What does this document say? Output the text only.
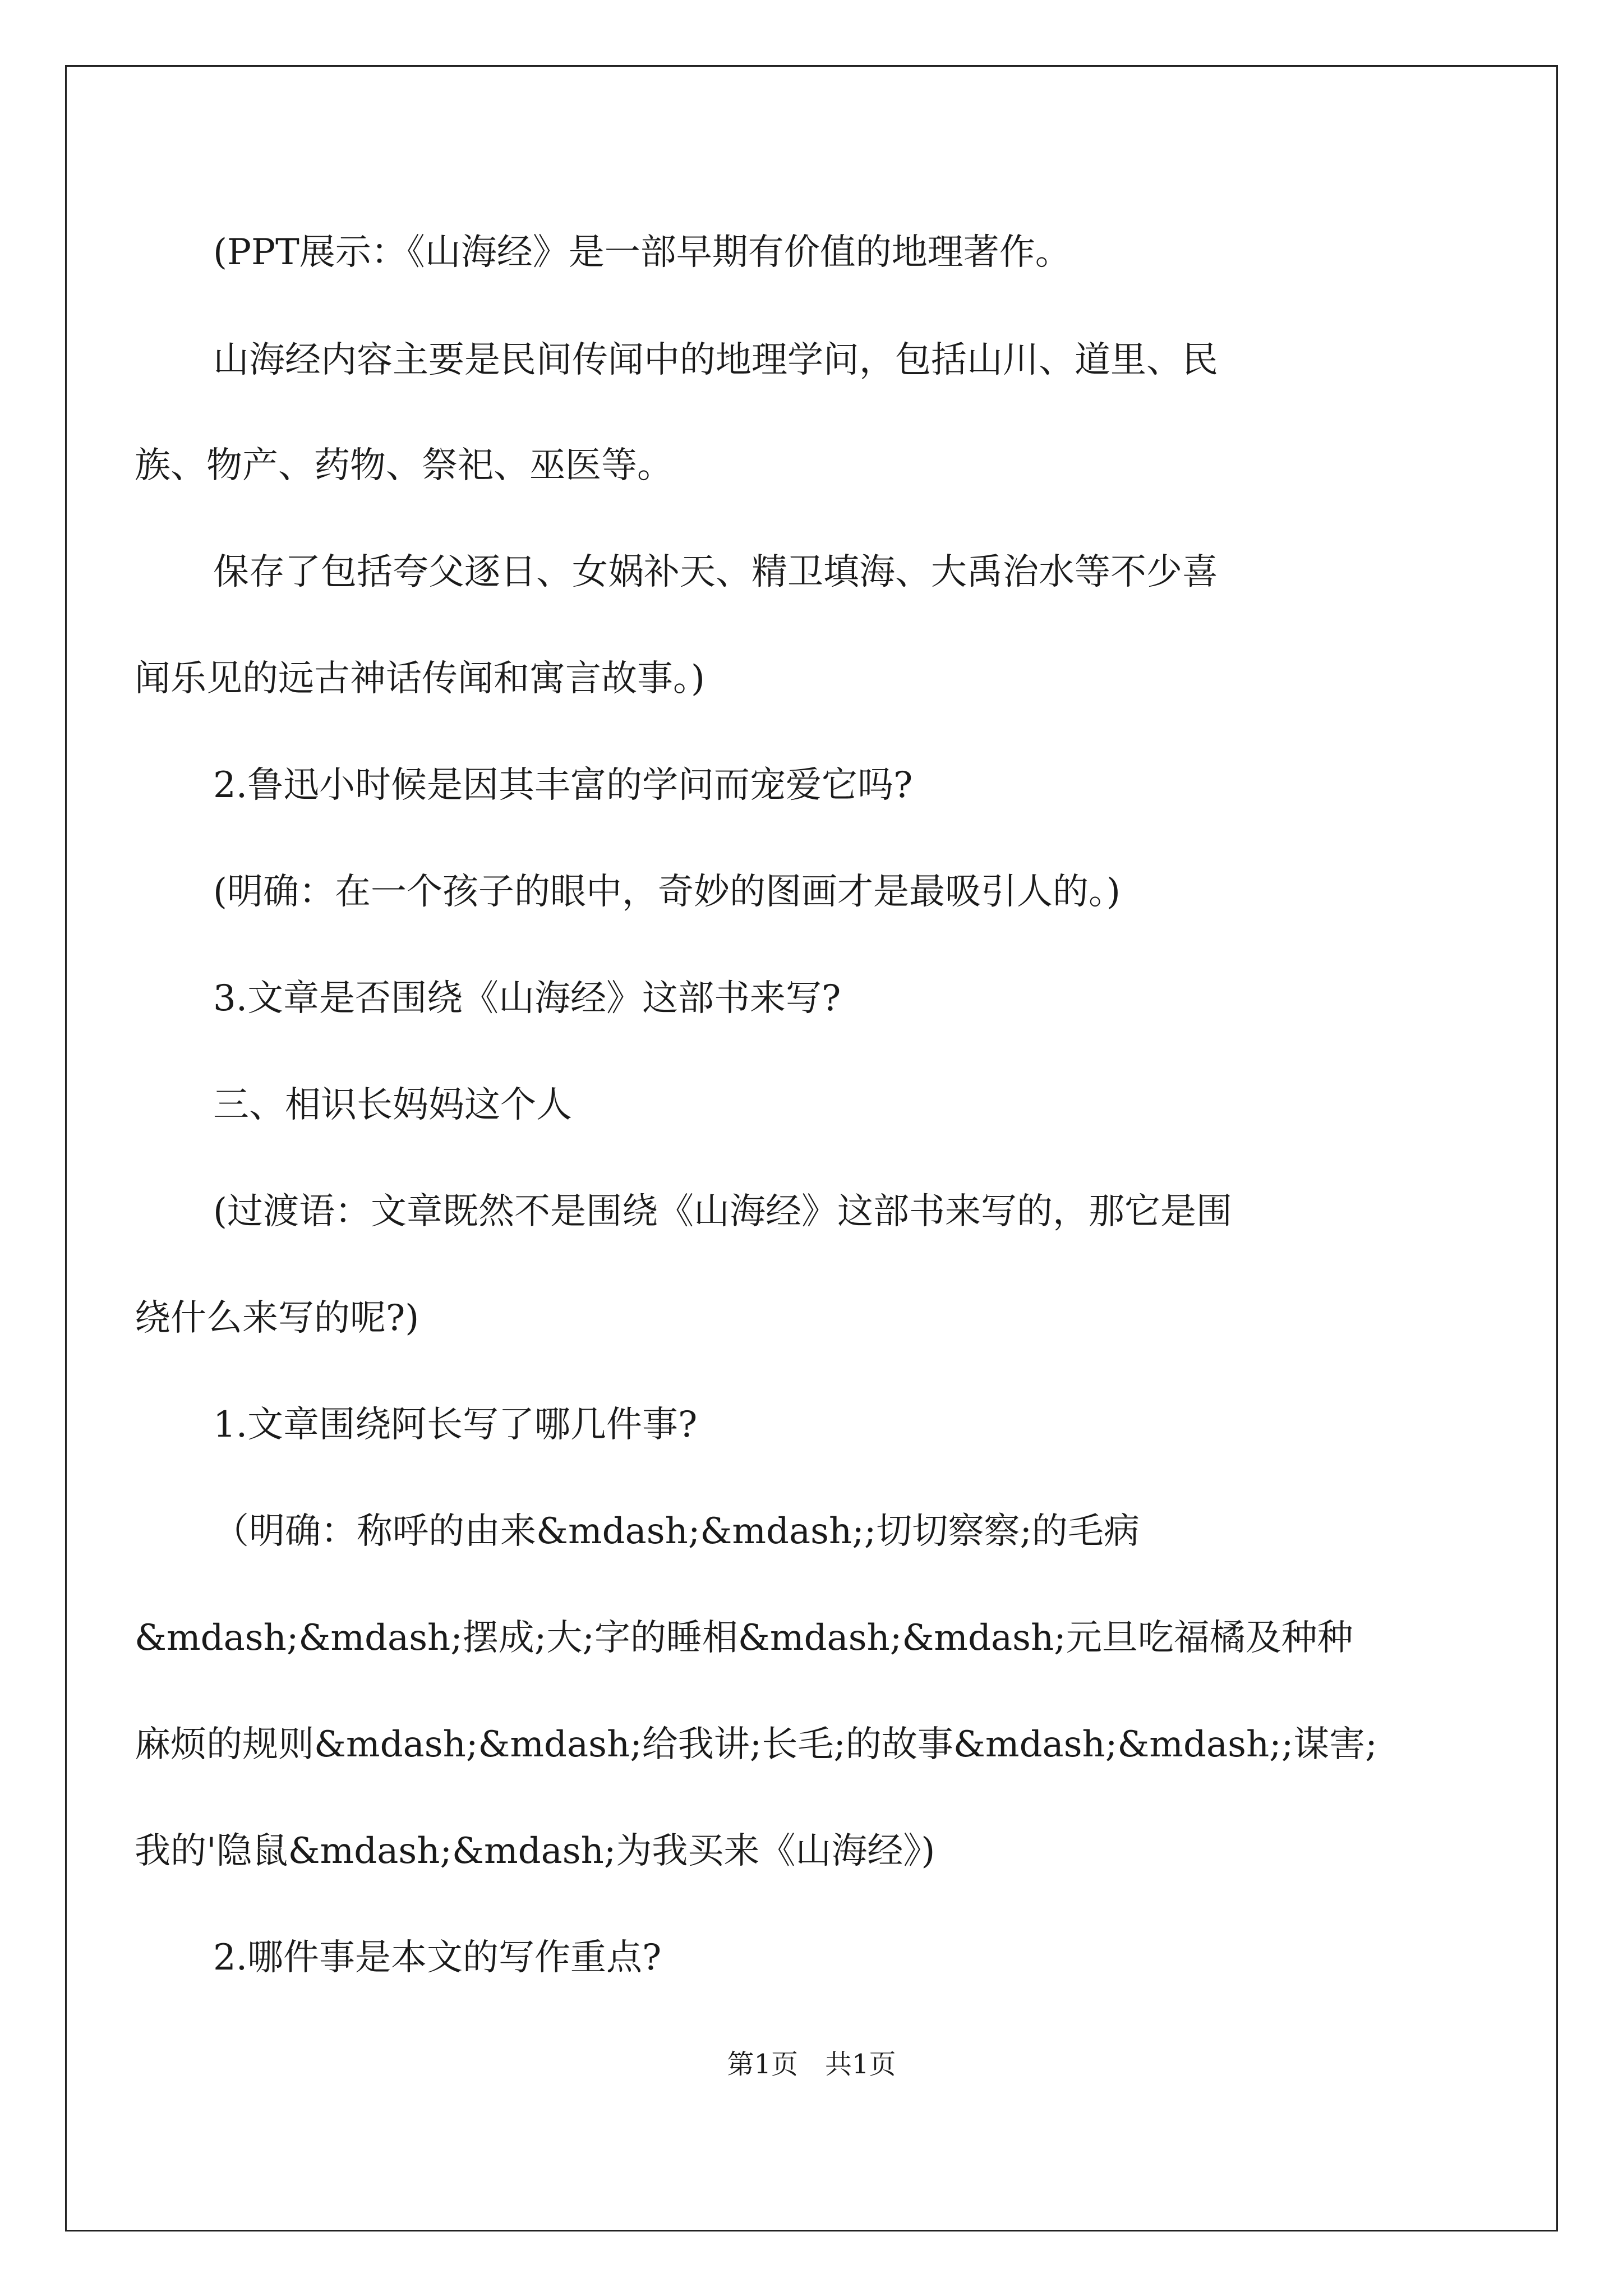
(PPT展示：《山海经》是一部早期有价值的地理著作。
山海经内容主要是民间传闻中的地理学问，包括山川、道里、民
族、物产、药物、祭祀、巫医等。
保存了包括夸父逐日、女娲补天、精卫填海、大禹治水等不少喜
闻乐见的远古神话传闻和寓言故事。)
2.鲁迅小时候是因其丰富的学问而宠爱它吗?
(明确：在一个孩子的眼中，奇妙的图画才是最吸引人的。)
3.文章是否围绕《山海经》这部书来写?
三、相识长妈妈这个人
(过渡语：文章既然不是围绕《山海经》这部书来写的，那它是围
绕什么来写的呢?)
1.文章围绕阿长写了哪几件事?
（明确：称呼的由来&mdash;&mdash;;切切察察;的毛病
&mdash;&mdash;摆成;大;字的睡相&mdash;&mdash;元旦吃福橘及种种
麻烦的规则&mdash;&mdash;给我讲;长毛;的故事&mdash;&mdash;;谋害;
我的'隐鼠&mdash;&mdash;为我买来《山海经》)
2.哪件事是本文的写作重点?
第1页　共1页
